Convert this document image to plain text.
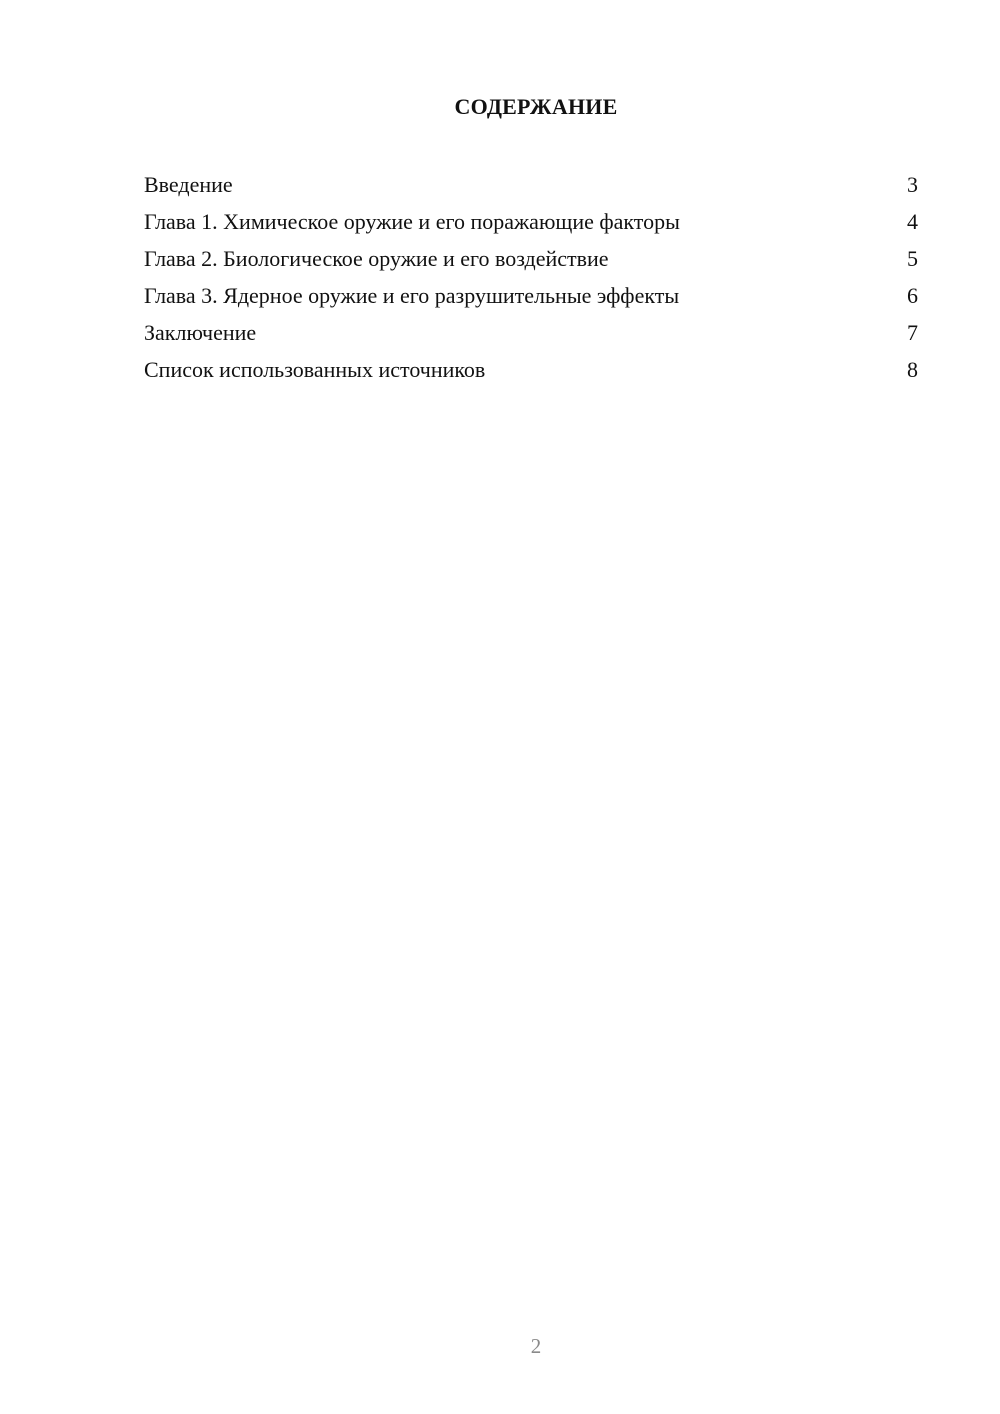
СОДЕРЖАНИЕ
Введение	3
Глава 1. Химическое оружие и его поражающие факторы	4
Глава 2. Биологическое оружие и его воздействие	5
Глава 3. Ядерное оружие и его разрушительные эффекты	6
Заключение	7
Список использованных источников	8
2
